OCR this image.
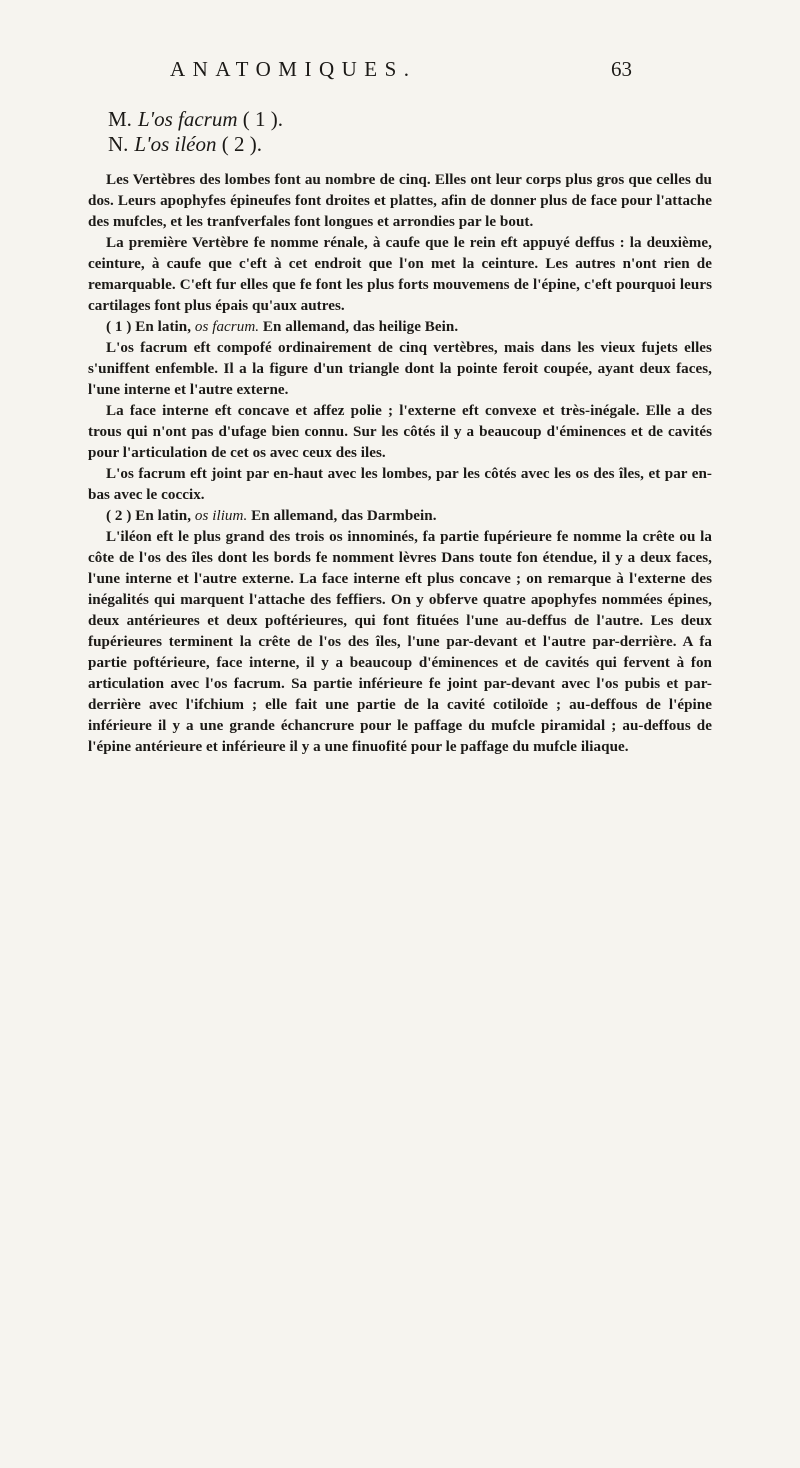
ANATOMIQUES.	63
M. L'os facrum ( 1 ).
N. L'os iléon ( 2 ).

Les Vertèbres des lombes font au nombre de cinq. Elles ont leur corps plus gros que celles du dos. Leurs apophyfes épineufes font droites et plattes, afin de donner plus de face pour l'attache des mufcles, et les tranfverfales font longues et arrondies par le bout.

La première Vertèbre fe nomme rénale, à caufe que le rein eft appuyé deffus : la deuxième, ceinture, à caufe que c'eft à cet endroit que l'on met la ceinture. Les autres n'ont rien de remarquable. C'eft fur elles que fe font les plus forts mouvemens de l'épine, c'eft pourquoi leurs cartilages font plus épais qu'aux autres.

( 1 ) En latin, os facrum. En allemand, das heilige Bein.

L'os facrum eft compofé ordinairement de cinq vertèbres, mais dans les vieux fujets elles s'uniffent enfemble. Il a la figure d'un triangle dont la pointe feroit coupée, ayant deux faces, l'une interne et l'autre externe.

La face interne eft concave et affez polie ; l'externe eft convexe et très-inégale. Elle a des trous qui n'ont pas d'ufage bien connu. Sur les côtés il y a beaucoup d'éminences et de cavités pour l'articulation de cet os avec ceux des iles.

L'os facrum eft joint par en-haut avec les lombes, par les côtés avec les os des îles, et par en-bas avec le coccix.

( 2 ) En latin, os ilium. En allemand, das Darmbein.

L'iléon eft le plus grand des trois os innominés, fa partie fupérieure fe nomme la crête ou la côte de l'os des îles dont les bords fe nomment lèvres Dans toute fon étendue, il y a deux faces, l'une interne et l'autre externe. La face interne eft plus concave ; on remarque à l'externe des inégalités qui marquent l'attache des feffiers. On y obferve quatre apophyfes nommées épines, deux antérieures et deux poftérieures, qui font fituées l'une au-deffus de l'autre. Les deux fupérieures terminent la crête de l'os des îles, l'une par-devant et l'autre par-derrière. A fa partie poftérieure, face interne, il y a beaucoup d'éminences et de cavités qui fervent à fon articulation avec l'os facrum. Sa partie inférieure fe joint par-devant avec l'os pubis et par-derrière avec l'ifchium ; elle fait une partie de la cavité cotiloïde ; au-deffous de l'épine inférieure il y a une grande échancrure pour le paffage du mufcle piramidal ; au-deffous de l'épine antérieure et inférieure il y a une finuofité pour le paffage du mufcle iliaque.
